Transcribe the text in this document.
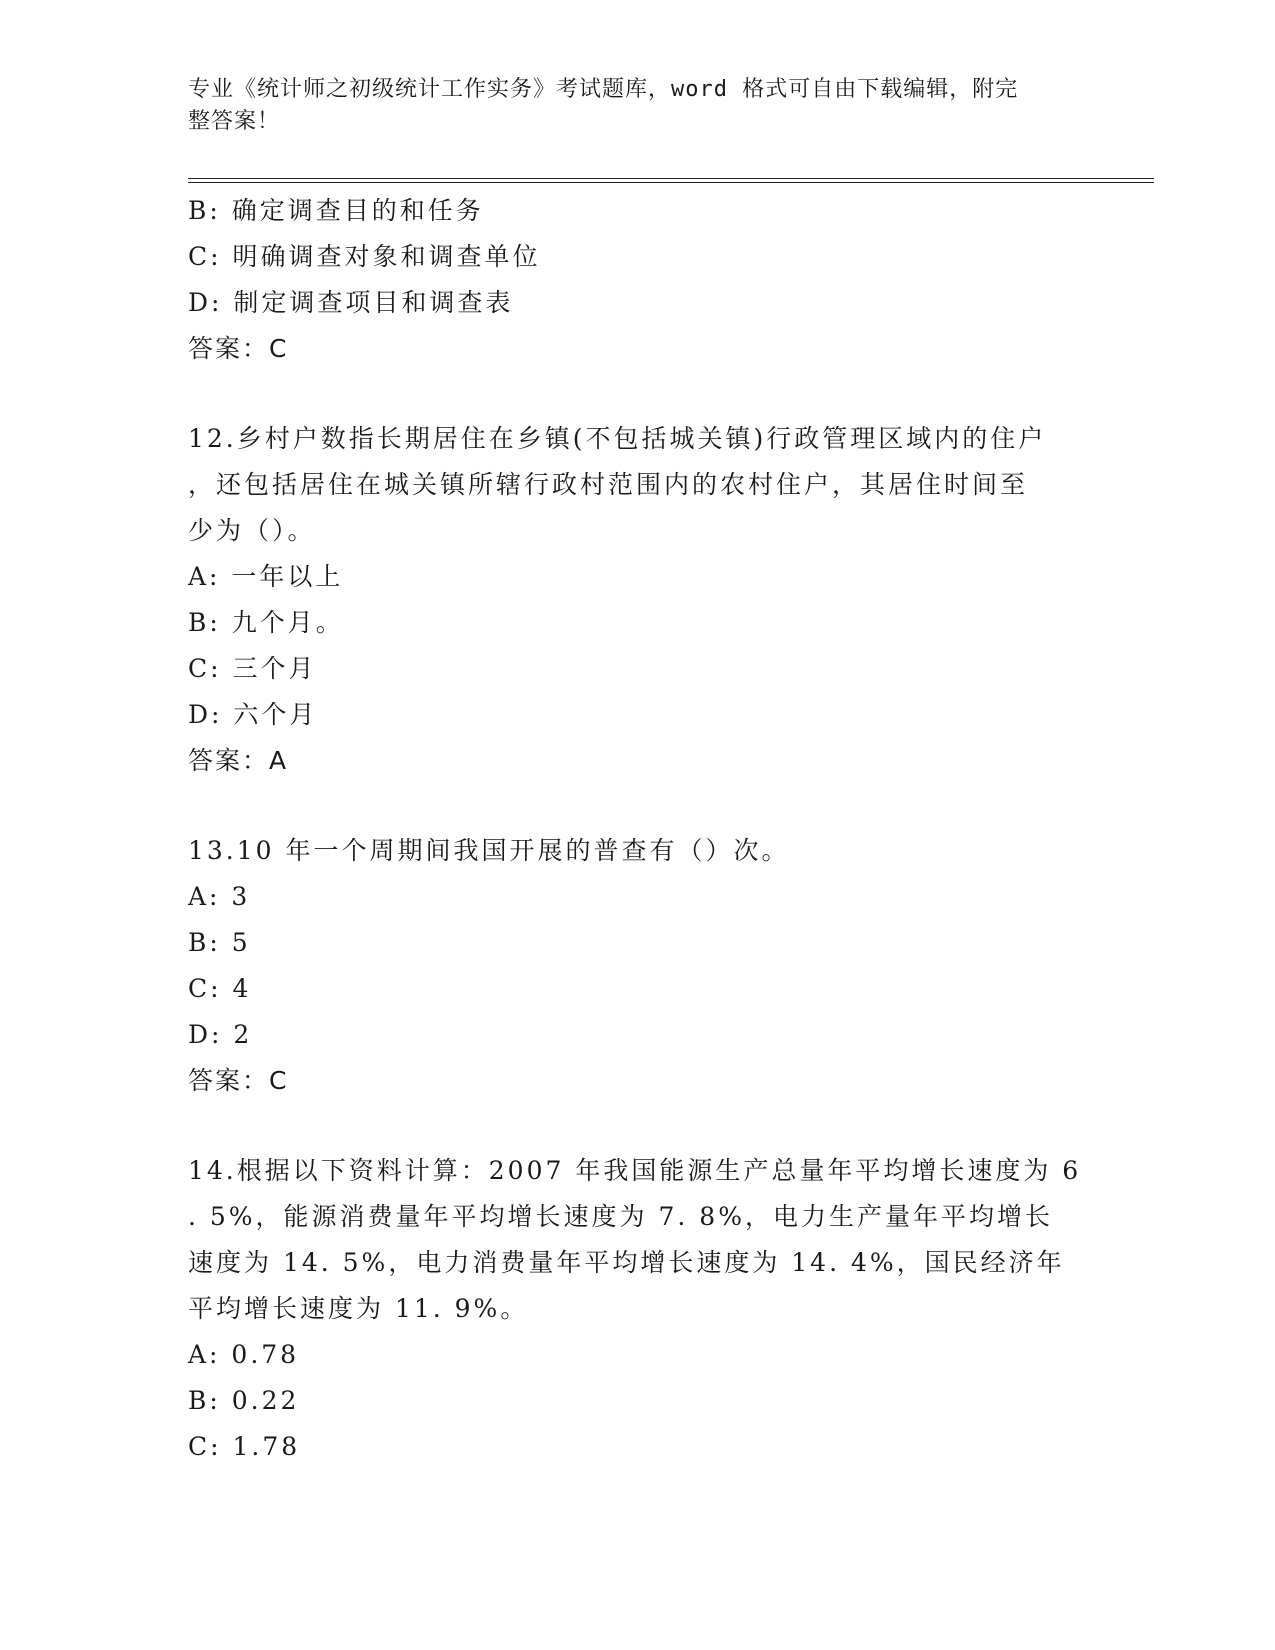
专业《统计师之初级统计工作实务》考试题库，word 格式可自由下载编辑，附完
整答案！
B: 确定调查目的和任务
C: 明确调查对象和调查单位
D: 制定调查项目和调查表
答案：C
12.乡村户数指长期居住在乡镇(不包括城关镇)行政管理区域内的住户
，还包括居住在城关镇所辖行政村范围内的农村住户，其居住时间至
少为（）。
A: 一年以上
B: 九个月。
C: 三个月
D: 六个月
答案：A
13.10 年一个周期间我国开展的普查有（）次。
A: 3
B: 5
C: 4
D: 2
答案：C
14.根据以下资料计算：2007 年我国能源生产总量年平均增长速度为 6
. 5%，能源消费量年平均增长速度为 7. 8%，电力生产量年平均增长
速度为 14. 5%，电力消费量年平均增长速度为 14. 4%，国民经济年
平均增长速度为 11. 9%。
A: 0.78
B: 0.22
C: 1.78
